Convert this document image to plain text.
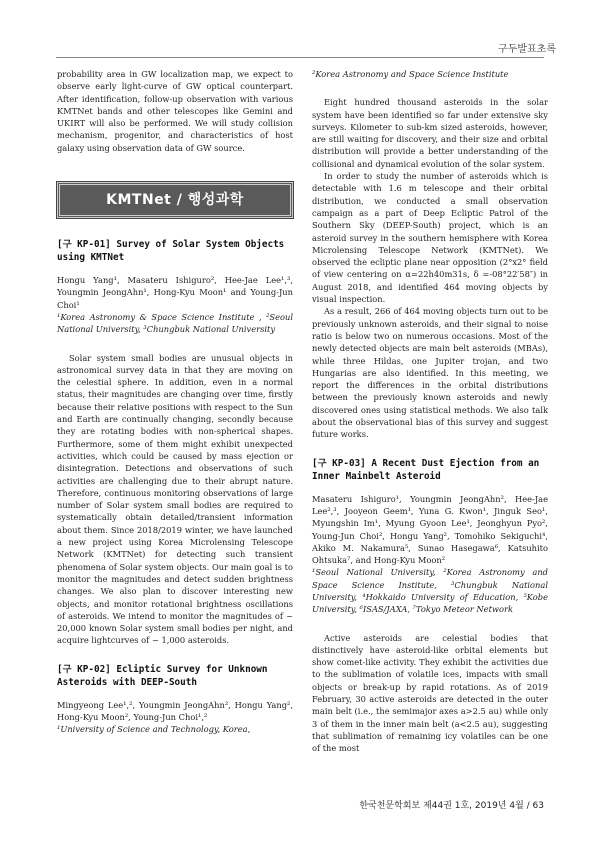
구두발표초록

probability area in GW localization map, we expect to observe early light-curve of GW optical counterpart. After identification, follow-up observation with various KMTNet bands and other telescopes like Gemini and UKIRT will also be performed. We will study collision mechanism, progenitor, and characteristics of host galaxy using observation data of GW source.

KMTNet / 행성과학
[구 KP-01] Survey of Solar System Objects using KMTNet

Hongu Yang¹, Masateru Ishiguro², Hee-Jae Lee¹,³, Youngmin JeongAhn¹, Hong-Kyu Moon¹ and Young-Jun Choi¹

¹Korea Astronomy & Space Science Institute , ²Seoul National University, ³Chungbuk National University

Solar system small bodies are unusual objects in astronomical survey data in that they are moving on the celestial sphere. In addition, even in a normal status, their magnitudes are changing over time, firstly because their relative positions with respect to the Sun and Earth are continually changing, secondly because they are rotating bodies with non-spherical shapes. Furthermore, some of them might exhibit unexpected activities, which could be caused by mass ejection or disintegration. Detections and observations of such activities are challenging due to their abrupt nature. Therefore, continuous monitoring observations of large number of Solar system small bodies are required to systematically obtain detailed/transient information about them. Since 2018/2019 winter, we have launched a new project using Korea Microlensing Telescope Network (KMTNet) for detecting such transient phenomena of Solar system objects. Our main goal is to monitor the magnitudes and detect sudden brightness changes. We also plan to discover interesting new objects, and monitor rotational brightness oscillations of asteroids. We intend to monitor the magnitudes of ~ 20,000 known Solar system small bodies per night, and acquire lightcurves of ~ 1,000 asteroids.

[구 KP-02] Ecliptic Survey for Unknown Asteroids with DEEP-South

Mingyeong Lee¹,², Youngmin JeongAhn², Hongu Yang², Hong-Kyu Moon², Young-Jun Choi¹,²

¹University of Science and Technology, Korea,

²Korea Astronomy and Space Science Institute

Eight hundred thousand asteroids in the solar system have been identified so far under extensive sky surveys. Kilometer to sub-km sized asteroids, however, are still waiting for discovery, and their size and orbital distribution will provide a better understanding of the collisional and dynamical evolution of the solar system.

In order to study the number of asteroids which is detectable with 1.6 m telescope and their orbital distribution, we conducted a small observation campaign as a part of Deep Ecliptic Patrol of the Southern Sky (DEEP-South) project, which is an asteroid survey in the southern hemisphere with Korea Microlensing Telescope Network (KMTNet). We observed the ecliptic plane near opposition (2°x2° field of view centering on α=22h40m31s, δ =-08°22′58″) in August 2018, and identified 464 moving objects by visual inspection.

As a result, 266 of 464 moving objects turn out to be previously unknown asteroids, and their signal to noise ratio is below two on numerous occasions. Most of the newly detected objects are main belt asteroids (MBAs), while three Hildas, one Jupiter trojan, and two Hungarias are also identified. In this meeting, we report the differences in the orbital distributions between the previously known asteroids and newly discovered ones using statistical methods. We also talk about the observational bias of this survey and suggest future works.

[구 KP-03] A Recent Dust Ejection from an Inner Mainbelt Asteroid

Masateru Ishiguro¹, Youngmin JeongAhn², Hee-Jae Lee²,³, Jooyeon Geem¹, Yuna G. Kwon¹, Jinguk Seo¹, Myungshin Im¹, Myung Gyoon Lee¹, Jeonghyun Pyo², Young-Jun Choi², Hongu Yang², Tomohiko Sekiguchi⁴, Akiko M. Nakamura⁵, Sunao Hasegawa⁶, Katsuhito Ohtsuka⁷, and Hong-Kyu Moon²

¹Seoul National University, ²Korea Astronomy and Space Science Institute, ³Chungbuk National University, ⁴Hokkaido University of Education, ⁵Kobe University, ⁶ISAS/JAXA, ⁷Tokyo Meteor Network

Active asteroids are celestial bodies that distinctively have asteroid-like orbital elements but show comet-like activity. They exhibit the activities due to the sublimation of volatile ices, impacts with small objects or break-up by rapid rotations. As of 2019 February, 30 active asteroids are detected in the outer main belt (i.e., the semimajor axes a>2.5 au) while only 3 of them in the inner main belt (a<2.5 au), suggesting that sublimation of remaining icy volatiles can be one of the most

한국천문학회보 제44권 1호, 2019년 4월 / 63
